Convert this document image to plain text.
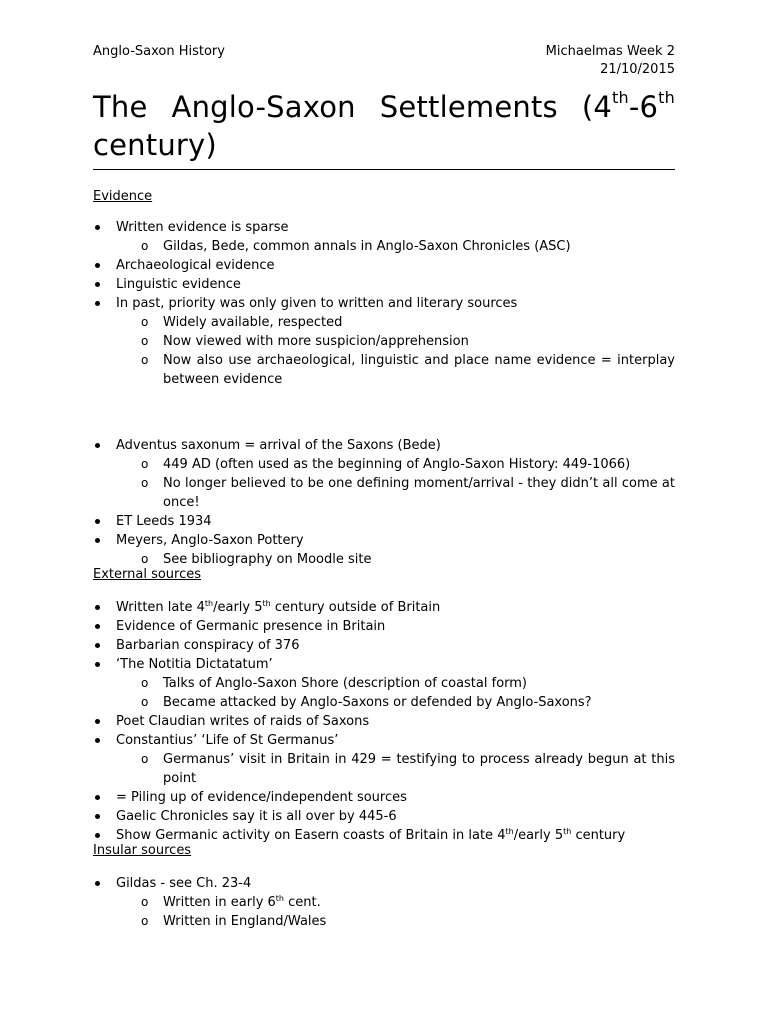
Anglo-Saxon History	Michaelmas Week 2
21/10/2015
The Anglo-Saxon Settlements (4th-6th century)
Evidence
Written evidence is sparse
o Gildas, Bede, common annals in Anglo-Saxon Chronicles (ASC)
Archaeological evidence
Linguistic evidence
In past, priority was only given to written and literary sources
o Widely available, respected
o Now viewed with more suspicion/apprehension
o Now also use archaeological, linguistic and place name evidence = interplay between evidence
Adventus saxonum = arrival of the Saxons (Bede)
o 449 AD (often used as the beginning of Anglo-Saxon History: 449-1066)
o No longer believed to be one defining moment/arrival - they didn’t all come at once!
ET Leeds 1934
Meyers, Anglo-Saxon Pottery
o See bibliography on Moodle site
External sources
Written late 4th/early 5th century outside of Britain
Evidence of Germanic presence in Britain
Barbarian conspiracy of 376
‘The Notitia Dictatatum’
o Talks of Anglo-Saxon Shore (description of coastal form)
o Became attacked by Anglo-Saxons or defended by Anglo-Saxons?
Poet Claudian writes of raids of Saxons
Constantius’ ‘Life of St Germanus’
o Germanus’ visit in Britain in 429 = testifying to process already begun at this point
= Piling up of evidence/independent sources
Gaelic Chronicles say it is all over by 445-6
Show Germanic activity on Easern coasts of Britain in late 4th/early 5th century
Insular sources
Gildas - see Ch. 23-4
o Written in early 6th cent.
o Written in England/Wales
